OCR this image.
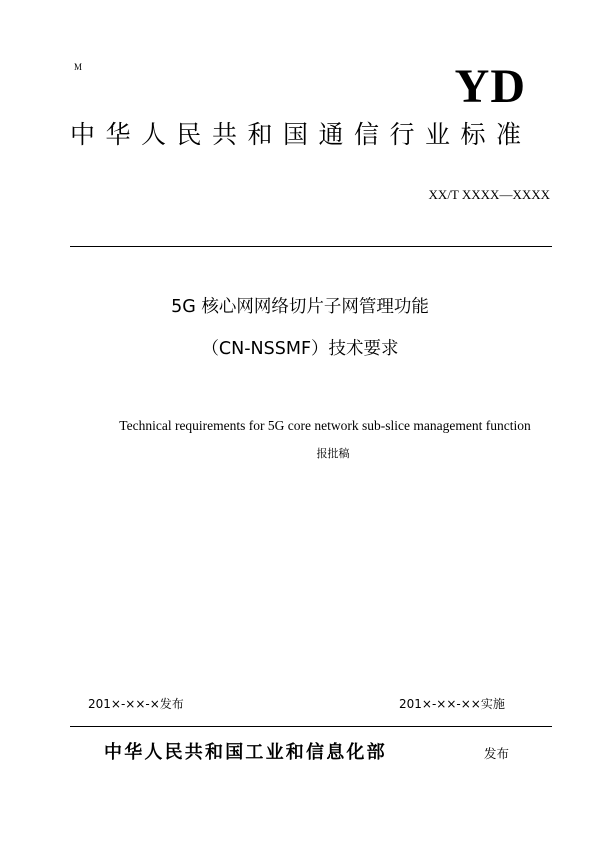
M	YD
中华人民共和国通信行业标准
XX/T XXXX—XXXX
5G 核心网网络切片子网管理功能
（CN-NSSMF）技术要求
Technical requirements for 5G core network sub-slice management function
报批稿
201×-××-×发布	201×-××-××实施
中华人民共和国工业和信息化部	发布
